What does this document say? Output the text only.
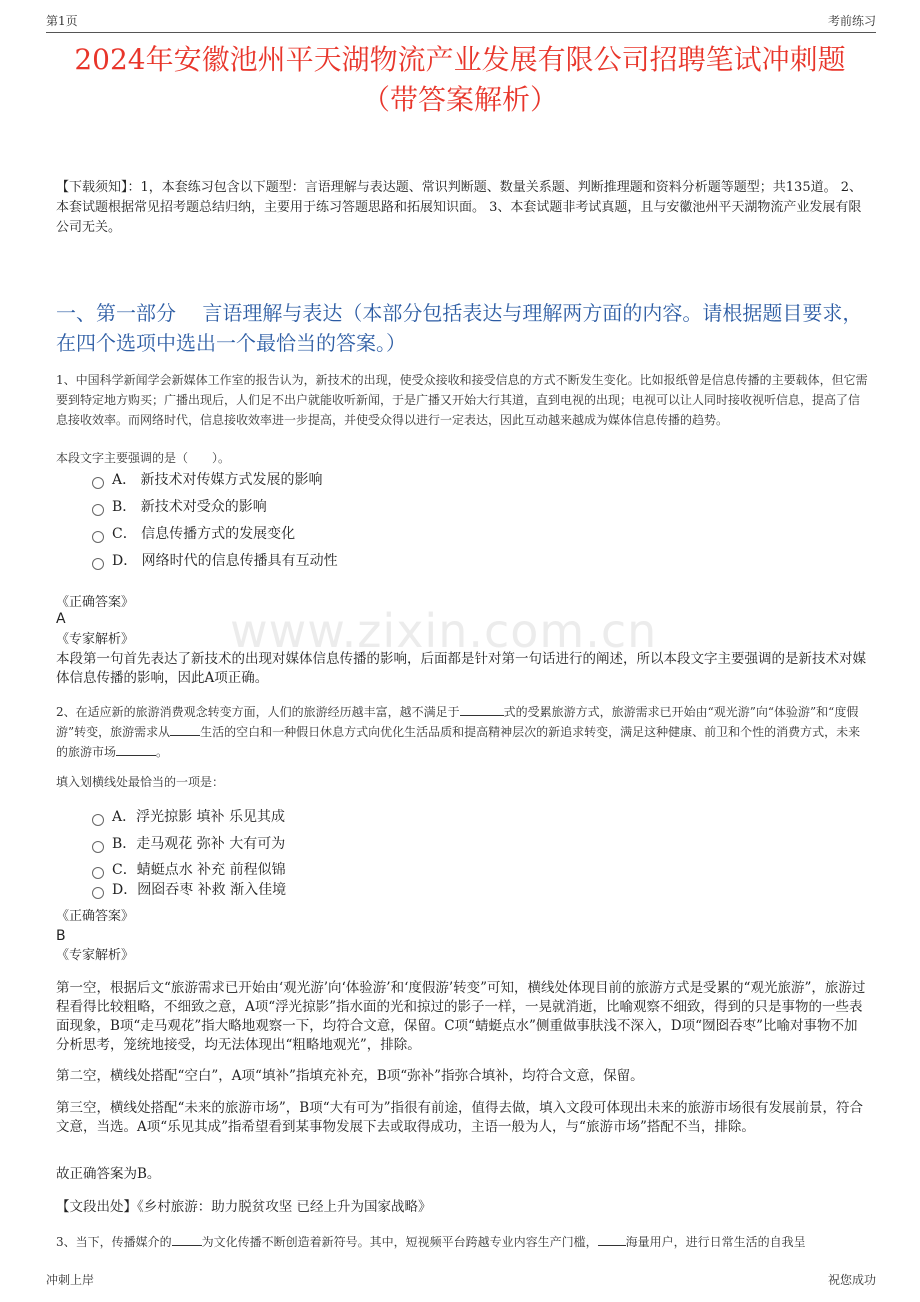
第1页	考前练习
2024年安徽池州平天湖物流产业发展有限公司招聘笔试冲刺题
（带答案解析）
【下载须知】：1，本套练习包含以下题型：言语理解与表达题、常识判断题、数量关系题、判断推理题和资料分析题等题型；共135道。 2、本套试题根据常见招考题总结归纳，主要用于练习答题思路和拓展知识面。 3、本套试题非考试真题，且与安徽池州平天湖物流产业发展有限公司无关。
一、第一部分　 言语理解与表达（本部分包括表达与理解两方面的内容。请根据题目要求，在四个选项中选出一个最恰当的答案。）
www.zixin.com.cn
1、中国科学新闻学会新媒体工作室的报告认为，新技术的出现，使受众接收和接受信息的方式不断发生变化。比如报纸曾是信息传播的主要载体，但它需要到特定地方购买；广播出现后，人们足不出户就能收听新闻，于是广播又开始大行其道，直到电视的出现；电视可以让人同时接收视听信息，提高了信息接收效率。而网络时代，信息接收效率进一步提高，并使受众得以进行一定表达，因此互动越来越成为媒体信息传播的趋势。
本段文字主要强调的是（　　）。
A． 新技术对传媒方式发展的影响
B． 新技术对受众的影响
C． 信息传播方式的发展变化
D． 网络时代的信息传播具有互动性
《正确答案》
A
《专家解析》
本段第一句首先表达了新技术的出现对媒体信息传播的影响，后面都是针对第一句话进行的阐述，所以本段文字主要强调的是新技术对媒体信息传播的影响，因此A项正确。
2、在适应新的旅游消费观念转变方面，人们的旅游经历越丰富，越不满足于	式的受累旅游方式，旅游需求已开始由“观光游”向“体验游”和“度假游”转变，旅游需求从	生活的空白和一种假日休息方式向优化生活品质和提高精神层次的新追求转变，满足这种健康、前卫和个性的消费方式，未来的旅游市场	。
填入划横线处最恰当的一项是：
A．浮光掠影 填补 乐见其成
B．走马观花 弥补 大有可为
C．蜻蜓点水 补充 前程似锦
D．囫囵吞枣 补救 渐入佳境
《正确答案》
B
《专家解析》
第一空，根据后文“旅游需求已开始由‘观光游’向‘体验游’和‘度假游’转变”可知，横线处体现目前的旅游方式是受累的“观光旅游”，旅游过程看得比较粗略，不细致之意，A项“浮光掠影”指水面的光和掠过的影子一样，一晃就消逝，比喻观察不细致，得到的只是事物的一些表面现象，B项“走马观花”指大略地观察一下，均符合文意，保留。C项“蜻蜓点水”侧重做事肤浅不深入，D项“囫囵吞枣”比喻对事物不加分析思考，笼统地接受，均无法体现出“粗略地观光”，排除。
第二空，横线处搭配“空白”，A项“填补”指填充补充，B项“弥补”指弥合填补，均符合文意，保留。
第三空，横线处搭配“未来的旅游市场”，B项“大有可为”指很有前途，值得去做，填入文段可体现出未来的旅游市场很有发展前景，符合文意，当选。A项“乐见其成”指希望看到某事物发展下去或取得成功，主语一般为人，与“旅游市场”搭配不当，排除。
故正确答案为B。
【文段出处】《乡村旅游：助力脱贫攻坚 已经上升为国家战略》
3、当下，传播媒介的	为文化传播不断创造着新符号。其中，短视频平台跨越专业内容生产门槛， 海量用户，进行日常生活的自我呈
冲刺上岸	祝您成功
